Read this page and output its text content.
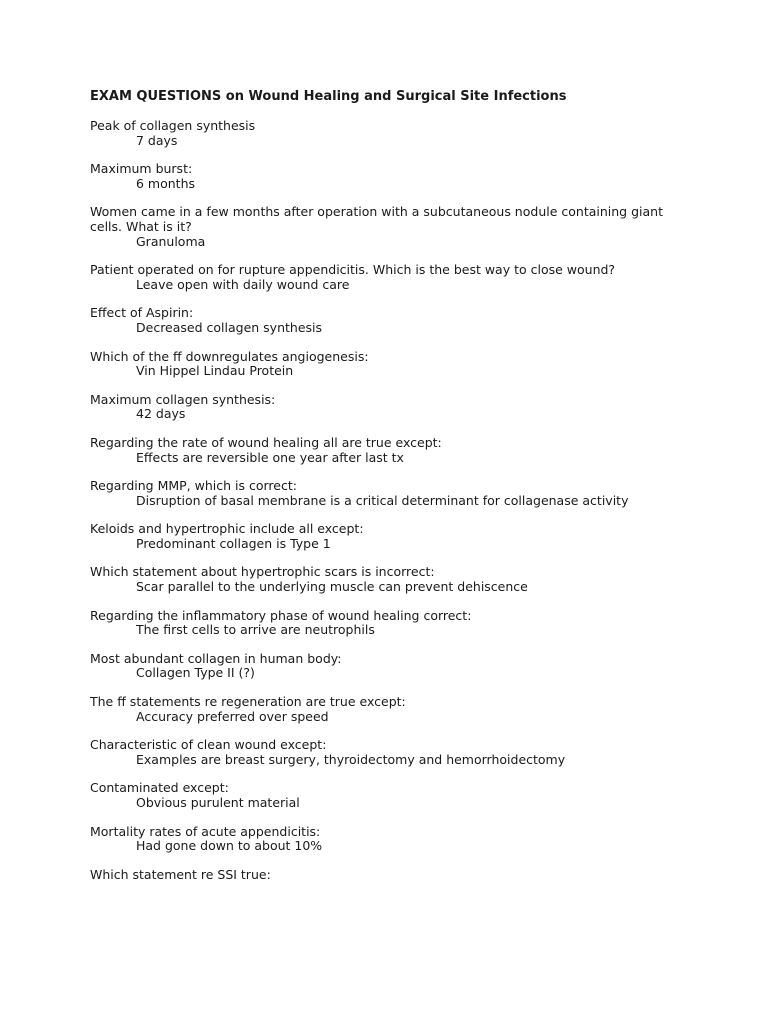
EXAM QUESTIONS on Wound Healing and Surgical Site Infections
Peak of collagen synthesis
7 days
Maximum burst:
6 months
Women came in a few months after operation with a subcutaneous nodule containing giant cells. What is it?
Granuloma
Patient operated on for rupture appendicitis. Which is the best way to close wound?
Leave open with daily wound care
Effect of Aspirin:
Decreased collagen synthesis
Which of the ff downregulates angiogenesis:
Vin Hippel Lindau Protein
Maximum collagen synthesis:
42 days
Regarding the rate of wound healing all are true except:
Effects are reversible one year after last tx
Regarding MMP, which is correct:
Disruption of basal membrane is a critical determinant for collagenase activity
Keloids and hypertrophic include all except:
Predominant collagen is Type 1
Which statement about hypertrophic scars is incorrect:
Scar parallel to the underlying muscle can prevent dehiscence
Regarding the inflammatory phase of wound healing correct:
The first cells to arrive are neutrophils
Most abundant collagen in human body:
Collagen Type II (?)
The ff statements re regeneration are true except:
Accuracy preferred over speed
Characteristic of clean wound except:
Examples are breast surgery, thyroidectomy and hemorrhoidectomy
Contaminated except:
Obvious purulent material
Mortality rates of acute appendicitis:
Had gone down to about 10%
Which statement re SSI true:
